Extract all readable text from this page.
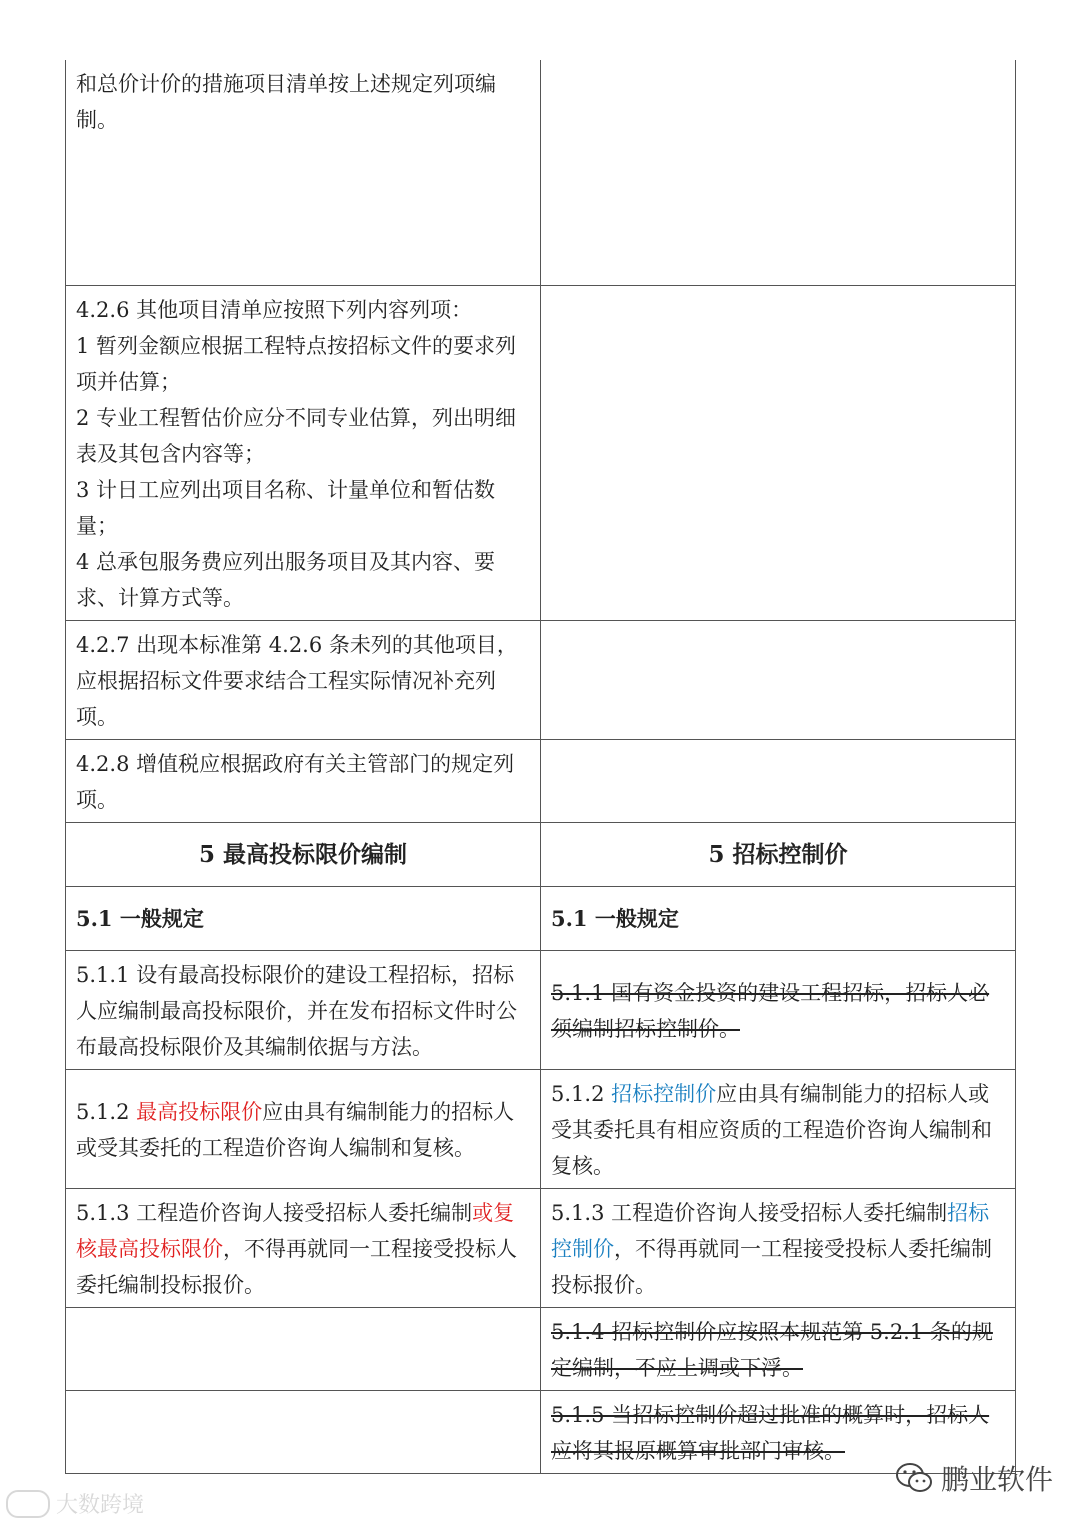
和总价计价的措施项目清单按上述规定列项编制。	

4.2.6 其他项目清单应按照下列内容列项：
1 暂列金额应根据工程特点按招标文件的要求列项并估算；
2 专业工程暂估价应分不同专业估算，列出明细表及其包含内容等；
3 计日工应列出项目名称、计量单位和暂估数量；
4 总承包服务费应列出服务项目及其内容、要求、计算方式等。	

4.2.7 出现本标准第 4.2.6 条未列的其他项目，应根据招标文件要求结合工程实际情况补充列项。	
4.2.8 增值税应根据政府有关主管部门的规定列项。	
5 最高投标限价编制	5 招标控制价
5.1 一般规定	5.1 一般规定
5.1.1 设有最高投标限价的建设工程招标，招标人应编制最高投标限价，并在发布招标文件时公布最高投标限价及其编制依据与方法。	5.1.1 国有资金投资的建设工程招标，招标人必须编制招标控制价。
5.1.2 最高投标限价应由具有编制能力的招标人或受其委托的工程造价咨询人编制和复核。	5.1.2 招标控制价应由具有编制能力的招标人或受其委托具有相应资质的工程造价咨询人编制和复核。
5.1.3 工程造价咨询人接受招标人委托编制或复核最高投标限价，不得再就同一工程接受投标人委托编制投标报价。	5.1.3 工程造价咨询人接受招标人委托编制招标控制价，不得再就同一工程接受投标人委托编制投标报价。
	5.1.4 招标控制价应按照本规范第 5.2.1 条的规定编制，不应上调或下浮。
	5.1.5 当招标控制价超过批准的概算时，招标人应将其报原概算审批部门审核。
大数跨境
鹏业软件
